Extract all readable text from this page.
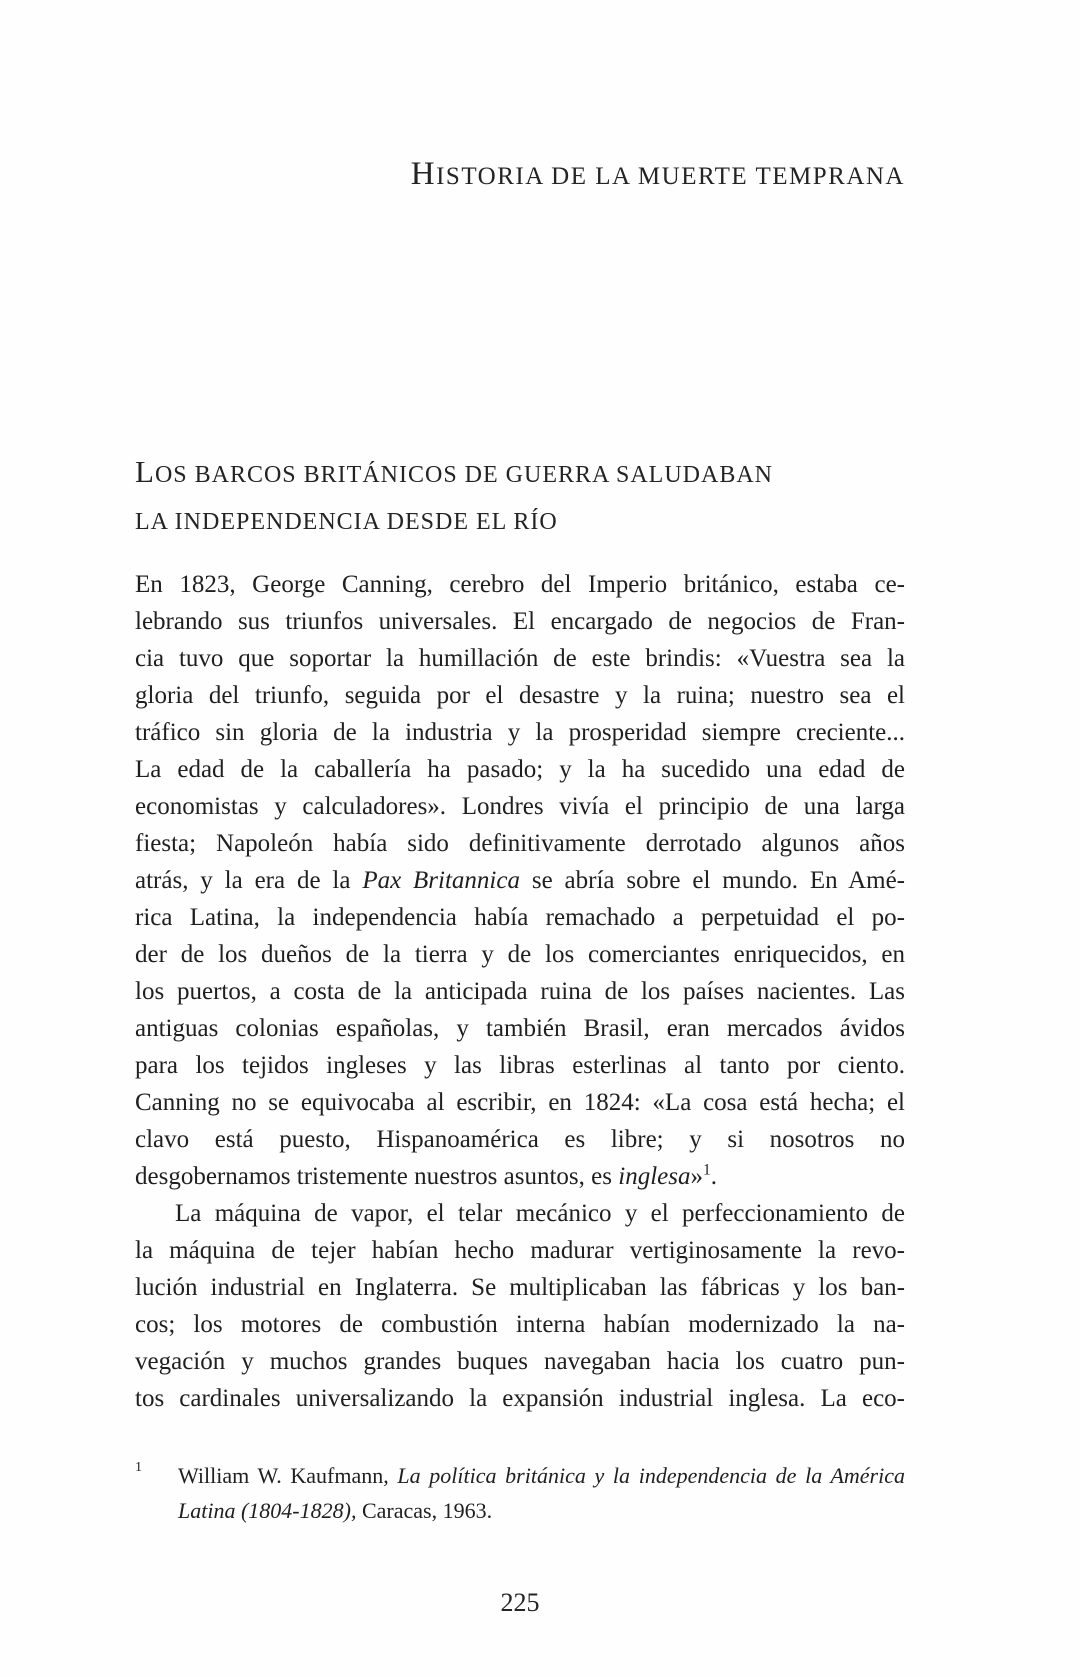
HISTORIA DE LA MUERTE TEMPRANA
LOS BARCOS BRITÁNICOS DE GUERRA SALUDABAN
LA INDEPENDENCIA DESDE EL RÍO
En 1823, George Canning, cerebro del Imperio británico, estaba ce-
lebrando sus triunfos universales. El encargado de negocios de Fran-
cia tuvo que soportar la humillación de este brindis: «Vuestra sea la
gloria del triunfo, seguida por el desastre y la ruina; nuestro sea el
tráfico sin gloria de la industria y la prosperidad siempre creciente...
La edad de la caballería ha pasado; y la ha sucedido una edad de
economistas y calculadores». Londres vivía el principio de una larga
fiesta; Napoleón había sido definitivamente derrotado algunos años
atrás, y la era de la Pax Britannica se abría sobre el mundo. En Amé-
rica Latina, la independencia había remachado a perpetuidad el po-
der de los dueños de la tierra y de los comerciantes enriquecidos, en
los puertos, a costa de la anticipada ruina de los países nacientes. Las
antiguas colonias españolas, y también Brasil, eran mercados ávidos
para los tejidos ingleses y las libras esterlinas al tanto por ciento.
Canning no se equivocaba al escribir, en 1824: «La cosa está hecha; el
clavo está puesto, Hispanoamérica es libre; y si nosotros no
desgobernamos tristemente nuestros asuntos, es inglesa»$^1$.
La máquina de vapor, el telar mecánico y el perfeccionamiento de
la máquina de tejer habían hecho madurar vertiginosamente la revo-
lución industrial en Inglaterra. Se multiplicaban las fábricas y los ban-
cos; los motores de combustión interna habían modernizado la na-
vegación y muchos grandes buques navegaban hacia los cuatro pun-
tos cardinales universalizando la expansión industrial inglesa. La eco-
1	William W. Kaufmann, La política británica y la independencia de la América
Latina (1804-1828), Caracas, 1963.
225
